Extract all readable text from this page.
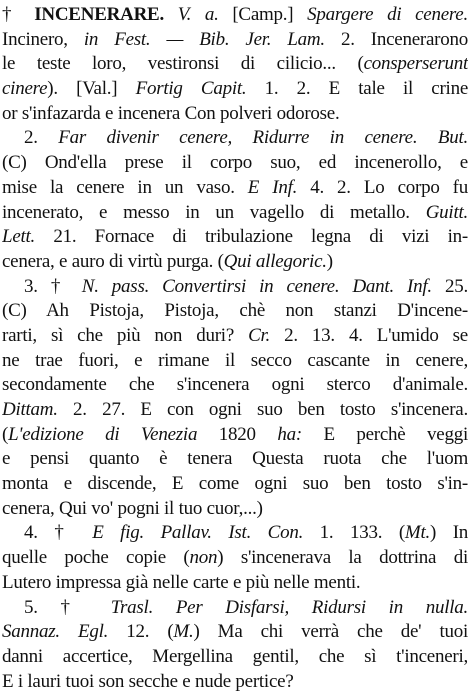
† INCENERARE. V. a. [Camp.] Spargere di cenere.
Incinero, in Fest. — Bib. Jer. Lam. 2. Incenerarono
le teste loro, vestironsi di cilicio... (consperserunt
cinere). [Val.] Fortig Capit. 1. 2. E tale il crine
or s'infazarda e incenera Con polveri odorose.
2. Far divenir cenere, Ridurre in cenere. But.
(C) Ond'ella prese il corpo suo, ed incenerollo, e
mise la cenere in un vaso. E Inf. 4. 2. Lo corpo fu
incenerato, e messo in un vagello di metallo. Guitt.
Lett. 21. Fornace di tribulazione legna di vizi in-
cenera, e auro di virtù purga. (Qui allegoric.)
3. † N. pass. Convertirsi in cenere. Dant. Inf. 25.
(C) Ah Pistoja, Pistoja, chè non stanzi D'incene-
rarti, sì che più non duri? Cr. 2. 13. 4. L'umido se
ne trae fuori, e rimane il secco cascante in cenere,
secondamente che s'incenera ogni sterco d'animale.
Dittam. 2. 27. E con ogni suo ben tosto s'incenera.
(L'edizione di Venezia 1820 ha: E perchè veggi
e pensi quanto è tenera Questa ruota che l'uom
monta e discende, E come ogni suo ben tosto s'in-
cenera, Qui vo' pogni il tuo cuor,...)
4. † E fig. Pallav. Ist. Con. 1. 133. (Mt.) In
quelle poche copie (non) s'incenerava la dottrina di
Lutero impressa già nelle carte e più nelle menti.
5. † Trasl. Per Disfarsi, Ridursi in nulla.
Sannaz. Egl. 12. (M.) Ma chi verrà che de' tuoi
danni accertice, Mergellina gentil, che sì t'inceneri,
E i lauri tuoi son secche e nude pertice?
